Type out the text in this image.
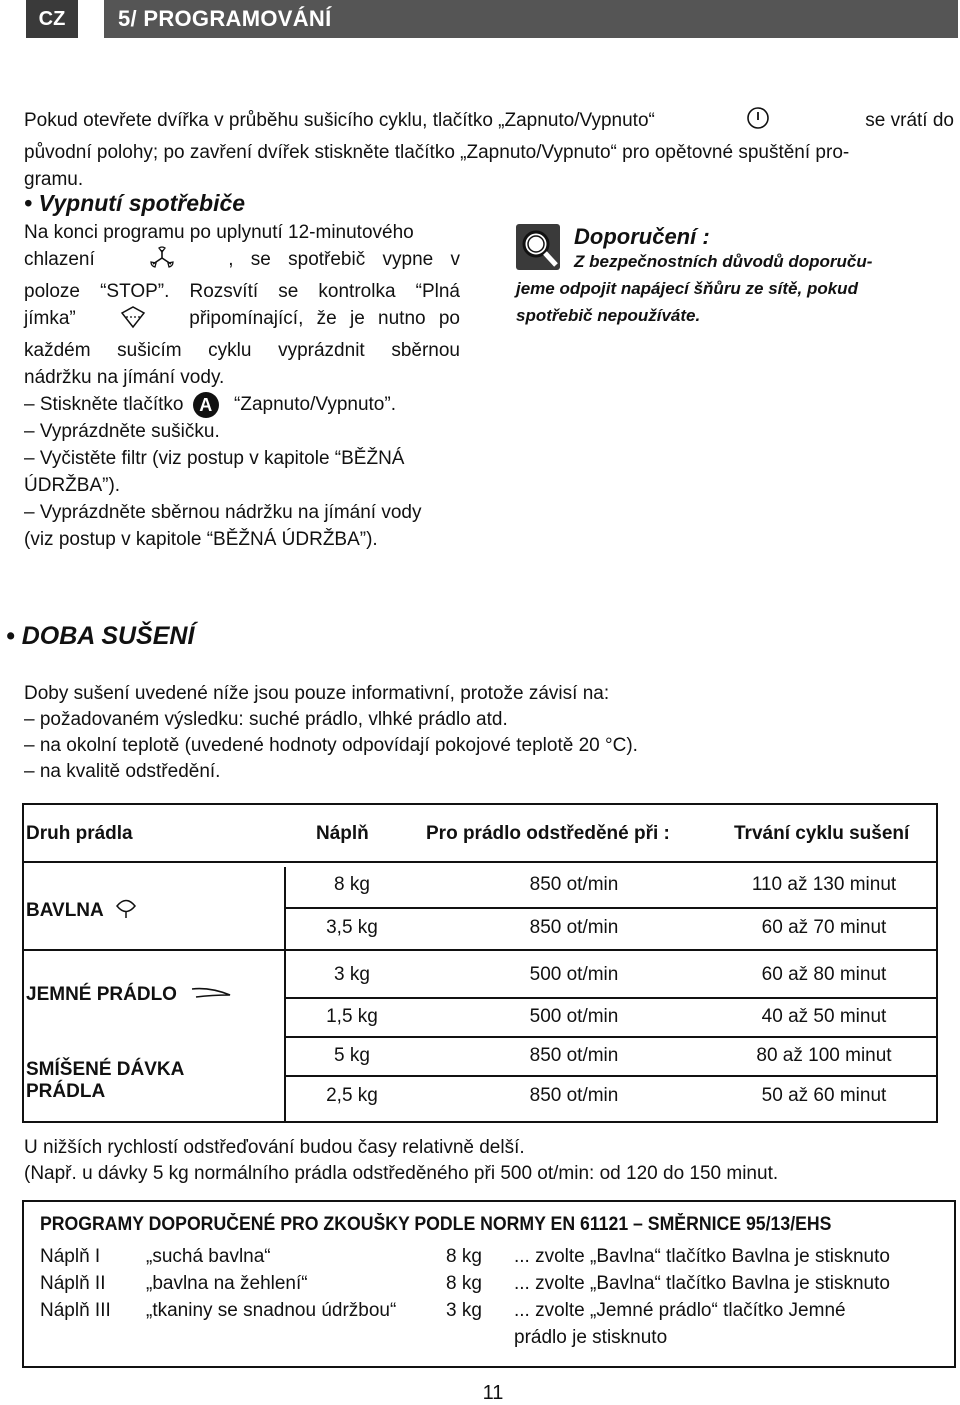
CZ	5/ PROGRAMOVÁNÍ
Pokud otevřete dvířka v průběhu sušicího cyklu, tlačítko „Zapnuto/Vypnuto“	se vrátí do
původní polohy; po zavření dvířek stiskněte tlačítko „Zapnuto/Vypnuto“ pro opětovné spuštění pro-
gramu.
• Vypnutí spotřebiče
Na konci programu po uplynutí 12-minutového
chlazení	, se spotřebič vypne v
poloze “STOP”. Rozsvítí se kontrolka “Plná
jímka”	připomínající, že je nutno po
každém sušicím cyklu vyprázdnit sběrnou
nádržku na jímání vody.
– Stiskněte tlačítko A “Zapnuto/Vypnuto”.
– Vyprázdněte sušičku.
– Vyčistěte filtr (viz postup v kapitole “BĚŽNÁ
ÚDRŽBA”).
– Vyprázdněte sběrnou nádržku na jímání vody
(viz postup v kapitole “BĚŽNÁ ÚDRŽBA”).
Doporučení :
Z bezpečnostních důvodů doporuču-
jeme odpojit napájecí šňůru ze sítě, pokud
spotřebič nepoužíváte.
• DOBA SUŠENÍ
Doby sušení uvedené níže jsou pouze informativní, protože závisí na:
– požadovaném výsledku: suché prádlo, vlhké prádlo atd.
– na okolní teplotě (uvedené hodnoty odpovídají pokojové teplotě 20 °C).
– na kvalitě odstředění.
Druh prádla	Náplň	Pro prádlo odstředěné při :	Trvání cyklu sušení
BAVLNA
8 kg	850 ot/min	110 až 130 minut
3,5 kg	850 ot/min	60 až 70 minut
JEMNÉ PRÁDLO
3 kg	500 ot/min	60 až 80 minut
1,5 kg	500 ot/min	40 až 50 minut
SMÍŠENÉ DÁVKA
PRÁDLA
5 kg	850 ot/min	80 až 100 minut
2,5 kg	850 ot/min	50 až 60 minut
U nižších rychlostí odstřeďování budou časy relativně delší.
(Např. u dávky 5 kg normálního prádla odstředěného při 500 ot/min: od 120 do 150 minut.
PROGRAMY DOPORUČENÉ PRO ZKOUŠKY PODLE NORMY EN 61121 – SMĚRNICE 95/13/EHS
Náplň I „suchá bavlna“	8 kg ... zvolte „Bavlna“ tlačítko Bavlna je stisknuto
Náplň II „bavlna na žehlení“	8 kg ... zvolte „Bavlna“ tlačítko Bavlna je stisknuto
Náplň III „tkaniny se snadnou údržbou“	3 kg ... zvolte „Jemné prádlo“ tlačítko Jemné
prádlo je stisknuto
11
